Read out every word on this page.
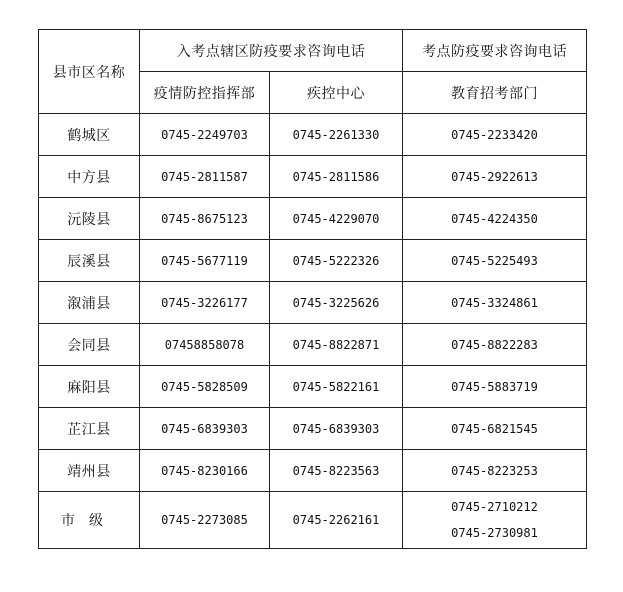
县市区名称	入考点辖区防疫要求咨询电话		考点防疫要求咨询电话
	疫情防控指挥部	疾控中心	教育招考部门
鹤城区	0745-2249703	0745-2261330	0745-2233420
中方县	0745-2811587	0745-2811586	0745-2922613
沅陵县	0745-8675123	0745-4229070	0745-4224350
辰溪县	0745-5677119	0745-5222326	0745-5225493
溆浦县	0745-3226177	0745-3225626	0745-3324861
会同县	07458858078	0745-8822871	0745-8822283
麻阳县	0745-5828509	0745-5822161	0745-5883719
芷江县	0745-6839303	0745-6839303	0745-6821545
靖州县	0745-8230166	0745-8223563	0745-8223253
市级	0745-2273085	0745-2262161	0745-2710212
0745-2730981
